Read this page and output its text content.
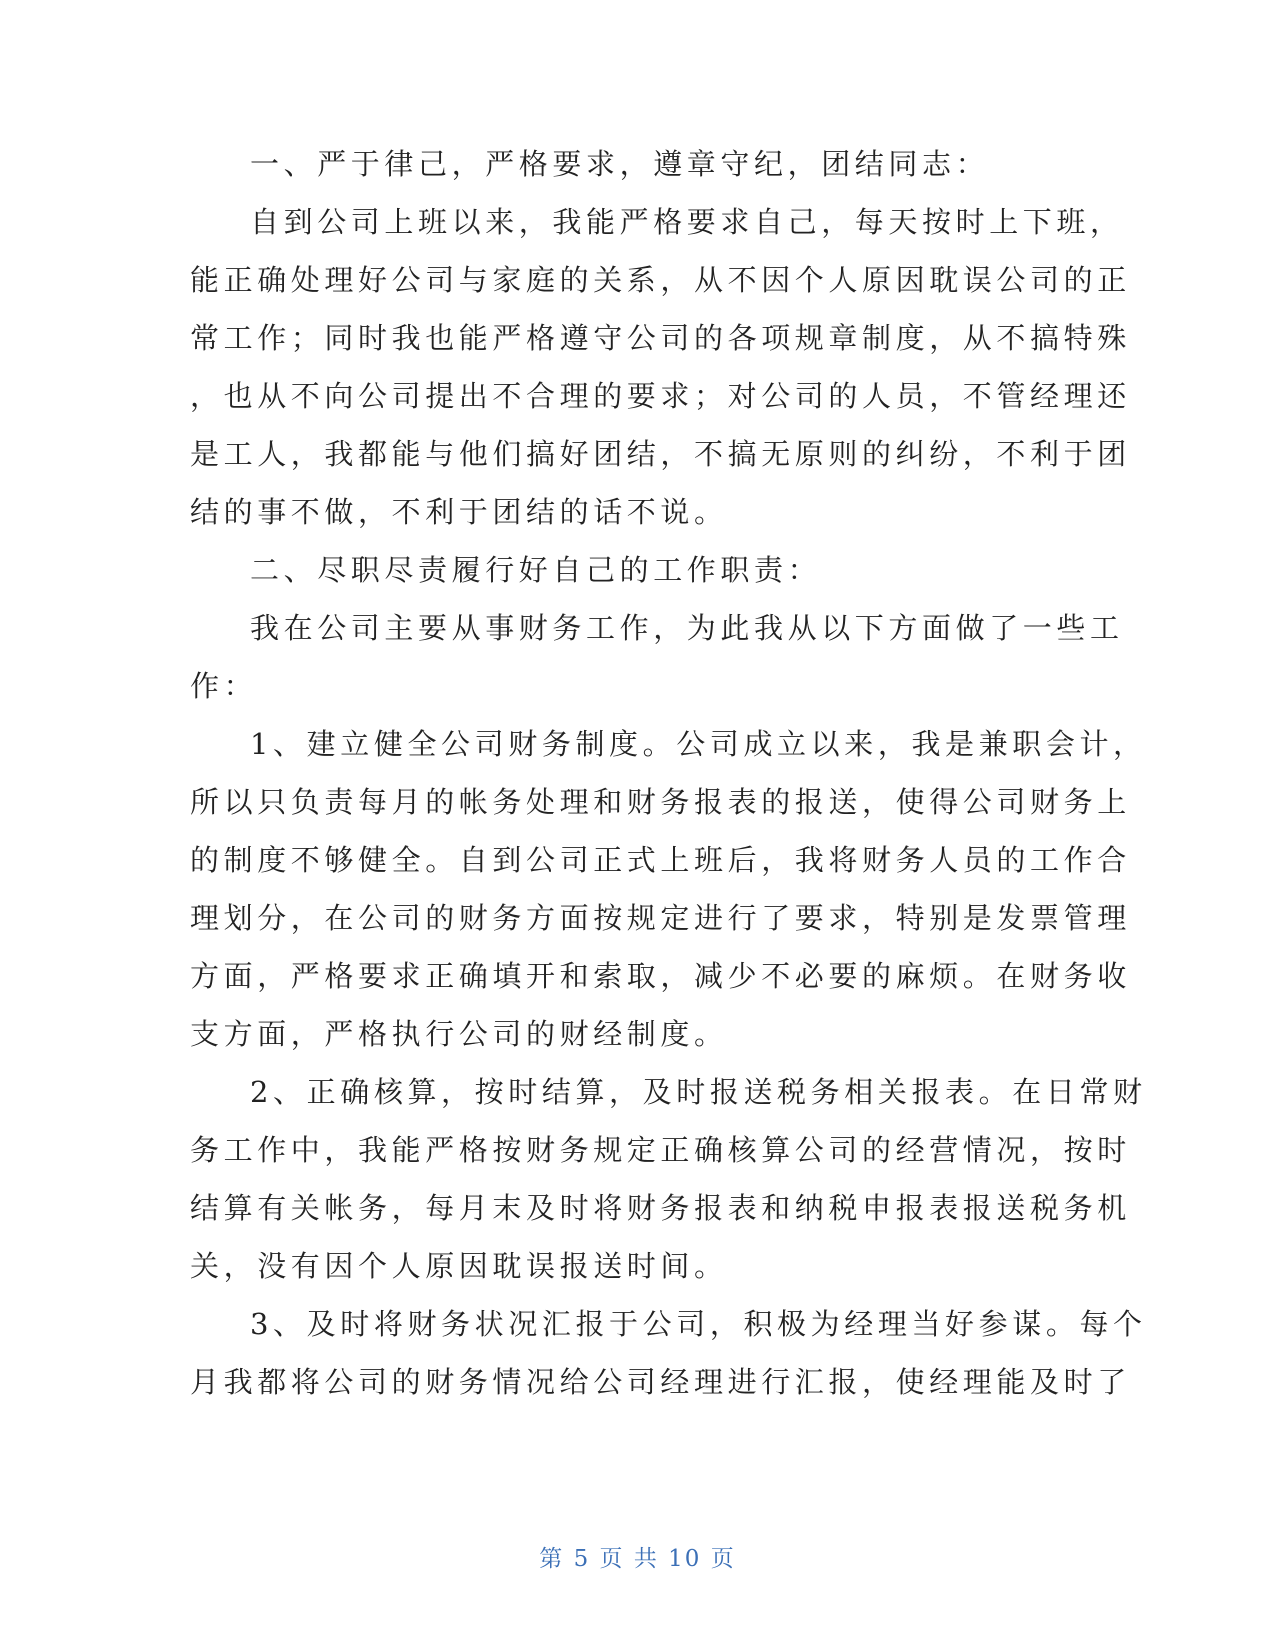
一、严于律己，严格要求，遵章守纪，团结同志：
自到公司上班以来，我能严格要求自己，每天按时上下班，
能正确处理好公司与家庭的关系，从不因个人原因耽误公司的正
常工作；同时我也能严格遵守公司的各项规章制度，从不搞特殊
，也从不向公司提出不合理的要求；对公司的人员，不管经理还
是工人，我都能与他们搞好团结，不搞无原则的纠纷，不利于团
结的事不做，不利于团结的话不说。
二、尽职尽责履行好自己的工作职责：
我在公司主要从事财务工作，为此我从以下方面做了一些工
作：
1、建立健全公司财务制度。公司成立以来，我是兼职会计，
所以只负责每月的帐务处理和财务报表的报送，使得公司财务上
的制度不够健全。自到公司正式上班后，我将财务人员的工作合
理划分，在公司的财务方面按规定进行了要求，特别是发票管理
方面，严格要求正确填开和索取，减少不必要的麻烦。在财务收
支方面，严格执行公司的财经制度。
2、正确核算，按时结算，及时报送税务相关报表。在日常财
务工作中，我能严格按财务规定正确核算公司的经营情况，按时
结算有关帐务，每月末及时将财务报表和纳税申报表报送税务机
关，没有因个人原因耽误报送时间。
3、及时将财务状况汇报于公司，积极为经理当好参谋。每个
月我都将公司的财务情况给公司经理进行汇报，使经理能及时了
第 5 页 共 10 页
